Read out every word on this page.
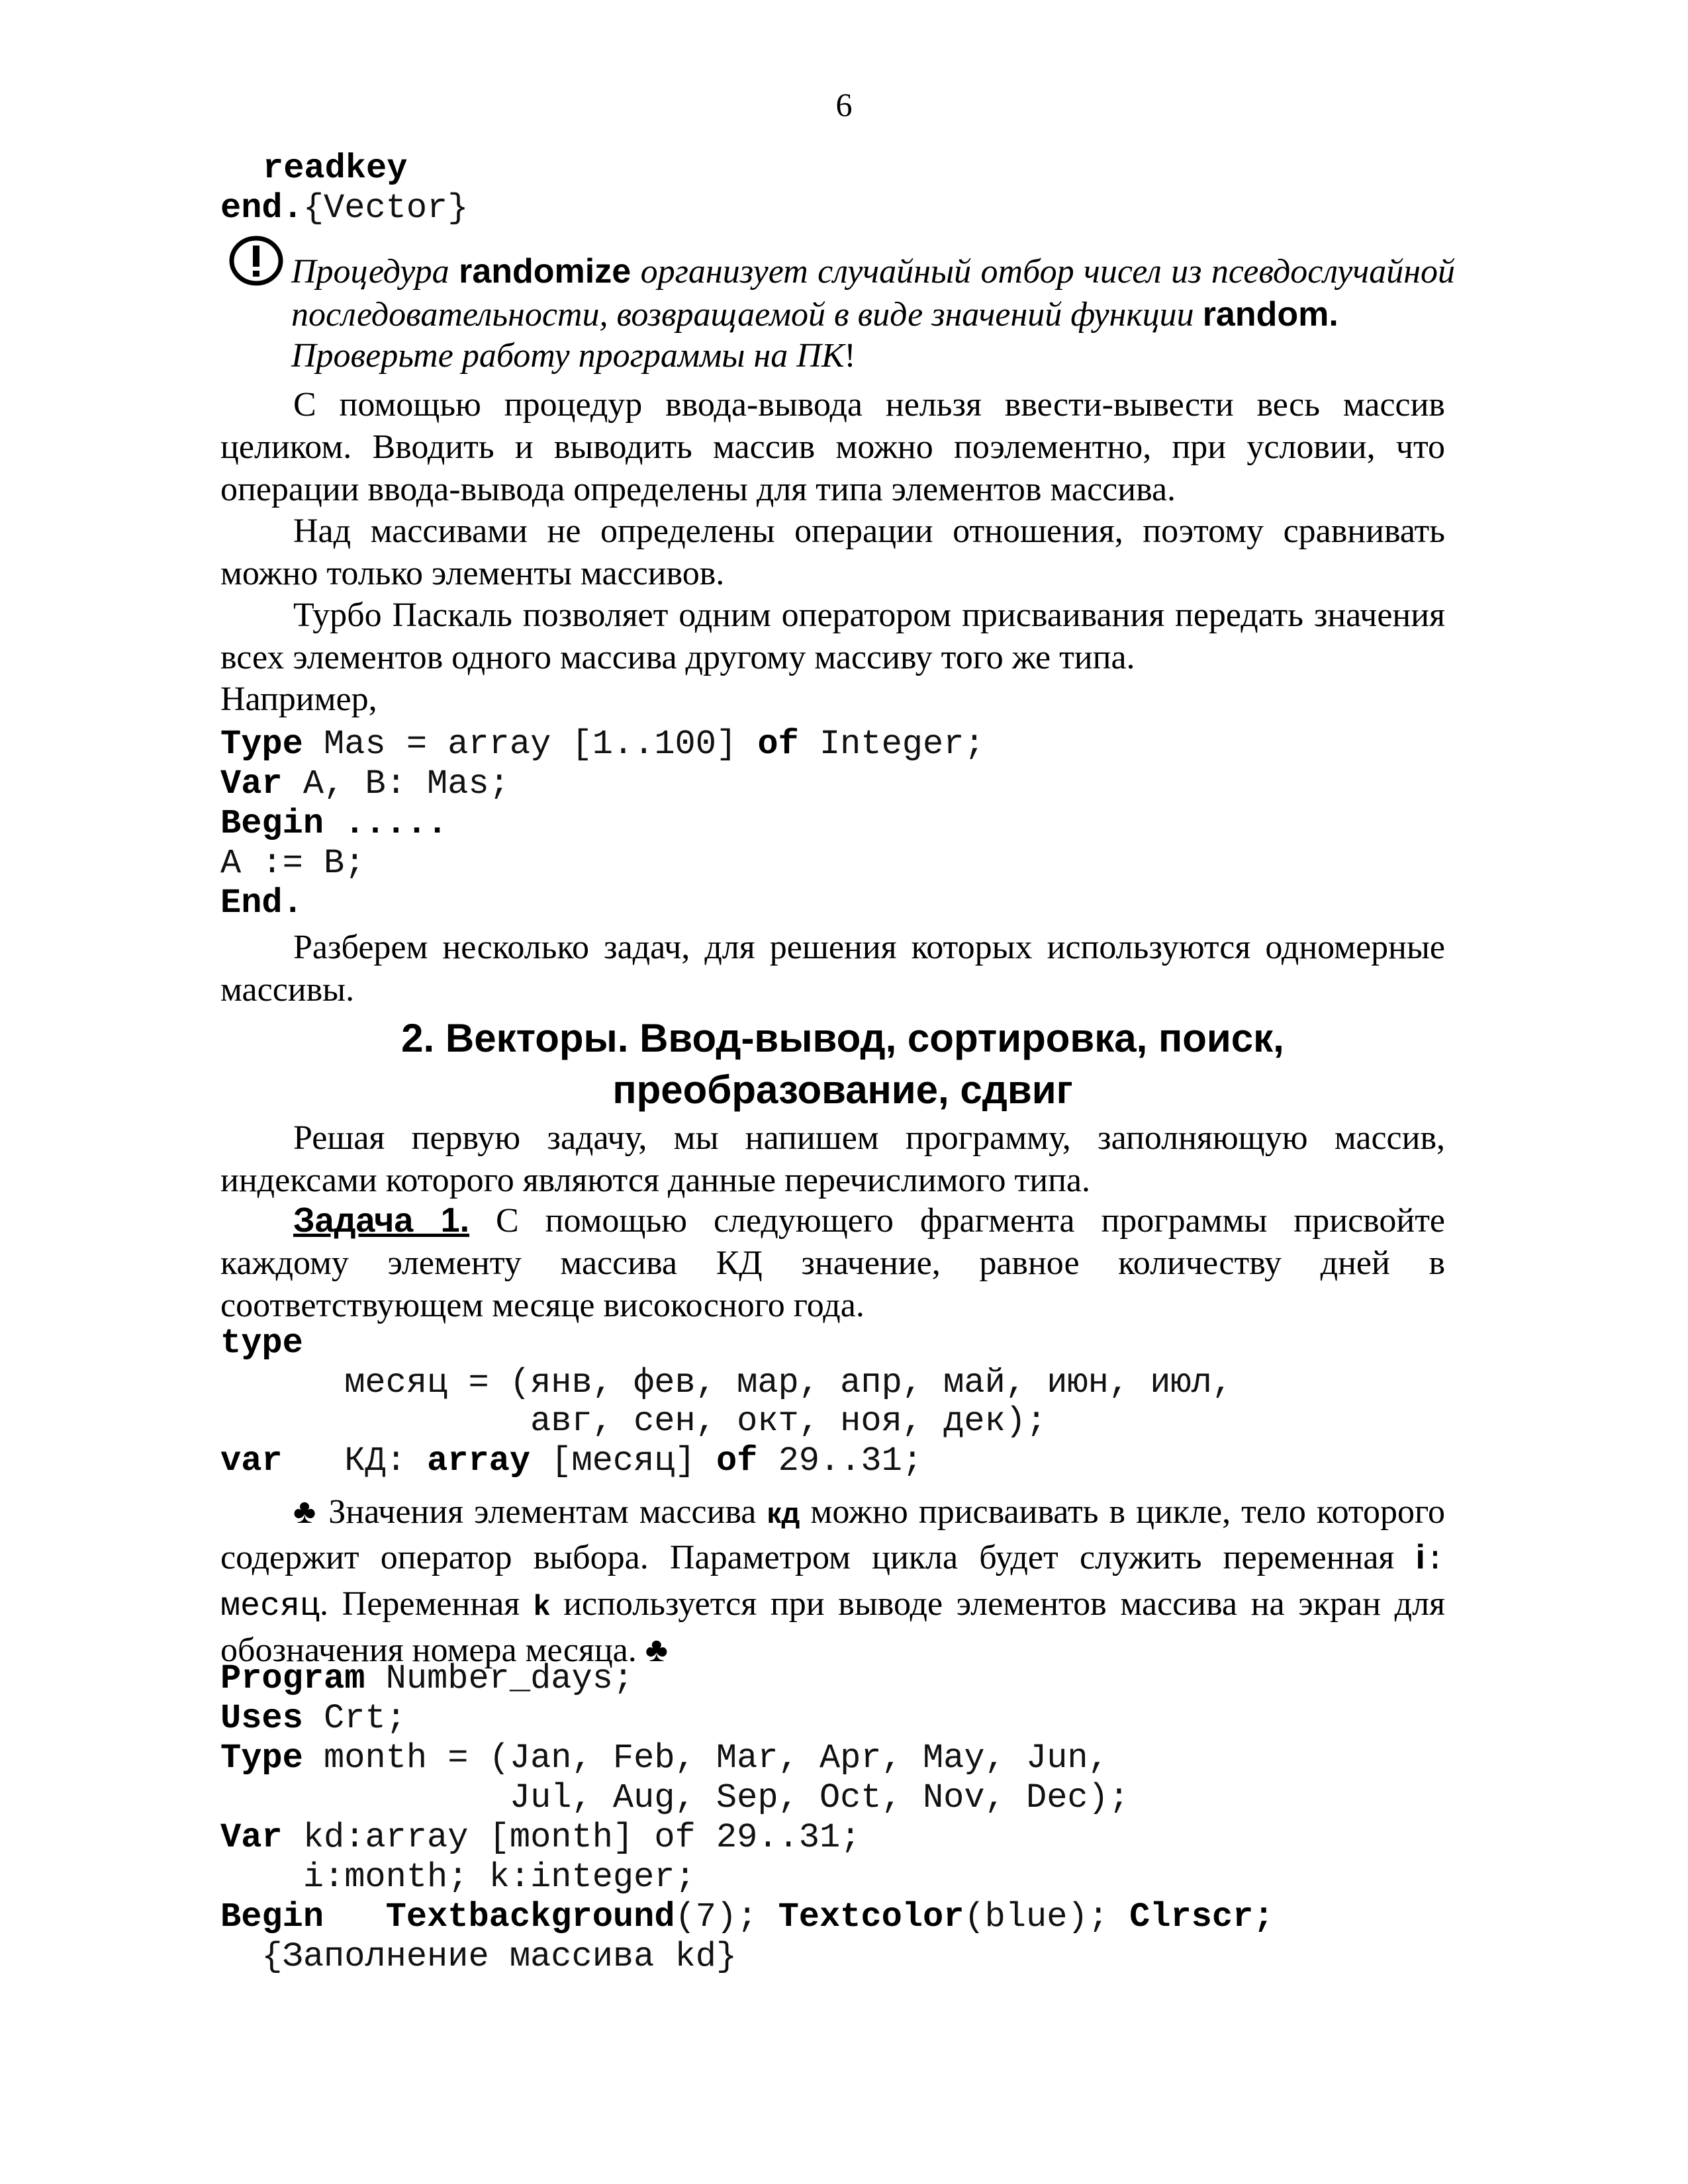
6
readkey
end.{Vector}
Процедура randomize организует случайный отбор чисел из псевдослучайной последовательности, возвращаемой в виде значений функции random.
Проверьте работу программы на ПК!
С помощью процедур ввода-вывода нельзя ввести-вывести весь массив целиком. Вводить и выводить массив можно поэлементно, при условии, что операции ввода-вывода определены для типа элементов массива.
Над массивами не определены операции отношения, поэтому сравнивать можно только элементы массивов.
Турбо Паскаль позволяет одним оператором присваивания передать значения всех элементов одного массива другому массиву того же типа.
Например,
Type Mas = array [1..100] of Integer;
Var A, B: Mas;
Begin .....
A := B;
End.
Разберем несколько задач, для решения которых используются одномерные массивы.
2. Векторы. Ввод-вывод, сортировка, поиск,
преобразование, сдвиг
Решая первую задачу, мы напишем программу, заполняющую массив, индексами которого являются данные перечислимого типа.
Задача 1. С помощью следующего фрагмента программы присвойте каждому элементу массива КД значение, равное количеству дней в соответствующем месяце високосного года.
type
месяц = (янв, фев, мар, апр, май, июн, июл,
авг, сен, окт, ноя, дек);
var   КД: array [месяц] of 29..31;
♣ Значения элементам массива кд можно присваивать в цикле, тело которого содержит оператор выбора. Параметром цикла будет служить переменная i: месяц. Переменная k используется при выводе элементов массива на экран для обозначения номера месяца. ♣
Program Number_days;
Uses Crt;
Type month = (Jan, Feb, Mar, Apr, May, Jun,
Jul, Aug, Sep, Oct, Nov, Dec);
Var kd:array [month] of 29..31;
i:month; k:integer;
Begin Textbackground(7); Textcolor(blue); Clrscr;
{Заполнение массива kd}
